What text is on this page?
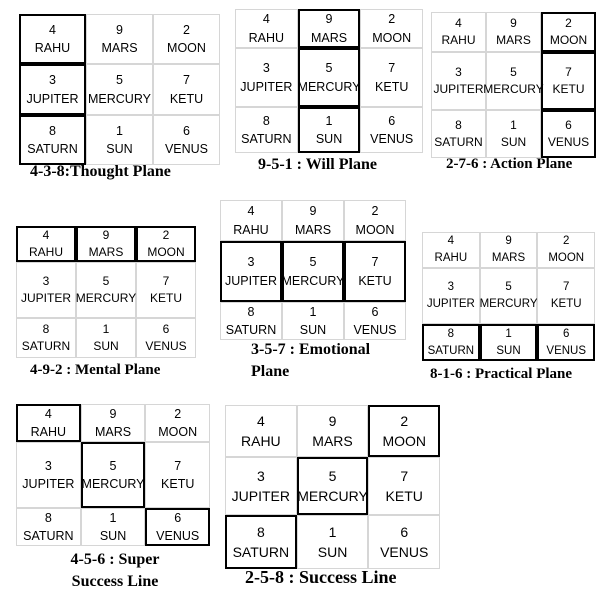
4
RAHU
9
MARS
2
MOON
3
JUPITER
5
MERCURY
7
KETU
8
SATURN
1
SUN
6
VENUS
4-3-8:Thought Plane
4
RAHU
9
MARS
2
MOON
3
JUPITER
5
MERCURY
7
KETU
8
SATURN
1
SUN
6
VENUS
9-5-1 : Will Plane
4
RAHU
9
MARS
2
MOON
3
JUPITER
5
MERCURY
7
KETU
8
SATURN
1
SUN
6
VENUS
2-7-6 : Action Plane
4
RAHU
9
MARS
2
MOON
3
JUPITER
5
MERCURY
7
KETU
8
SATURN
1
SUN
6
VENUS
4-9-2 : Mental Plane
4
RAHU
9
MARS
2
MOON
3
JUPITER
5
MERCURY
7
KETU
8
SATURN
1
SUN
6
VENUS
3-5-7 : Emotional
Plane
4
RAHU
9
MARS
2
MOON
3
JUPITER
5
MERCURY
7
KETU
8
SATURN
1
SUN
6
VENUS
8-1-6 : Practical Plane
4
RAHU
9
MARS
2
MOON
3
JUPITER
5
MERCURY
7
KETU
8
SATURN
1
SUN
6
VENUS
4-5-6 : Super
Success Line
4
RAHU
9
MARS
2
MOON
3
JUPITER
5
MERCURY
7
KETU
8
SATURN
1
SUN
6
VENUS
2-5-8 : Success Line
